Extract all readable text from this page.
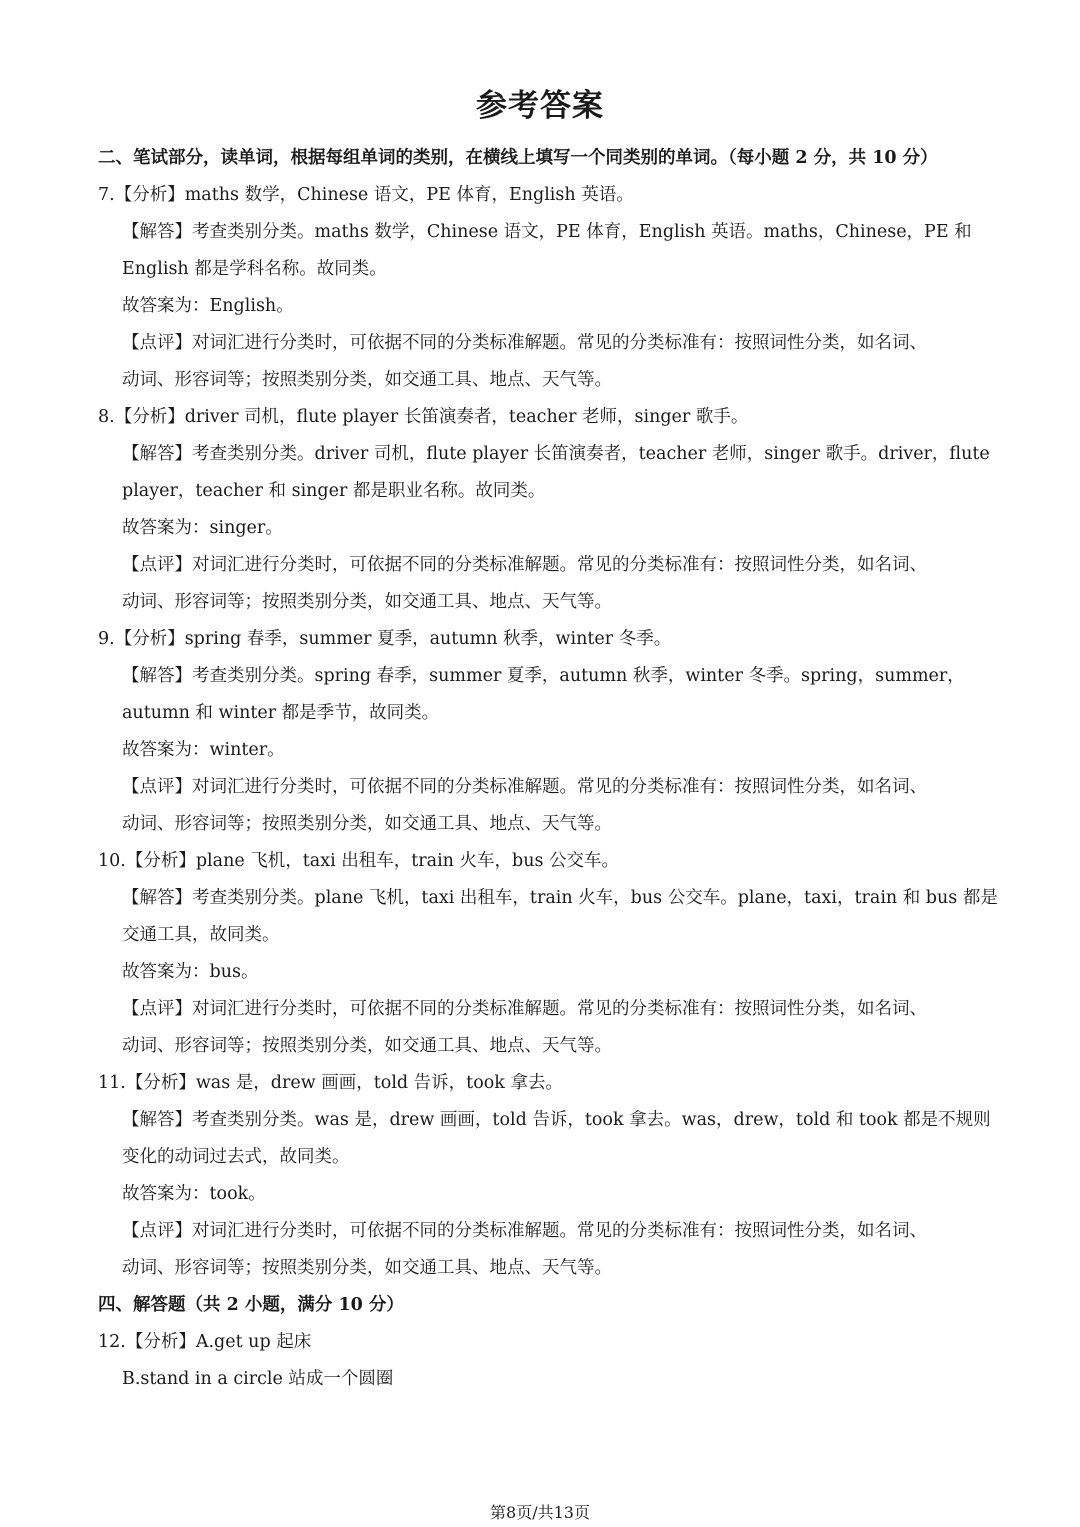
参考答案
二、笔试部分，读单词，根据每组单词的类别，在横线上填写一个同类别的单词。（每小题 2 分，共 10 分）
7.【分析】maths 数学，Chinese 语文，PE 体育，English 英语。
【解答】考查类别分类。maths 数学，Chinese 语文，PE 体育，English 英语。maths，Chinese，PE 和
English 都是学科名称。故同类。
故答案为：English。
【点评】对词汇进行分类时，可依据不同的分类标准解题。常见的分类标准有：按照词性分类，如名词、
动词、形容词等；按照类别分类，如交通工具、地点、天气等。
8.【分析】driver 司机，flute player 长笛演奏者，teacher 老师，singer 歌手。
【解答】考查类别分类。driver 司机，flute player 长笛演奏者，teacher 老师，singer 歌手。driver，flute
player，teacher 和 singer 都是职业名称。故同类。
故答案为：singer。
【点评】对词汇进行分类时，可依据不同的分类标准解题。常见的分类标准有：按照词性分类，如名词、
动词、形容词等；按照类别分类，如交通工具、地点、天气等。
9.【分析】spring 春季，summer 夏季，autumn 秋季，winter 冬季。
【解答】考查类别分类。spring 春季，summer 夏季，autumn 秋季，winter 冬季。spring，summer，
autumn 和 winter 都是季节，故同类。
故答案为：winter。
【点评】对词汇进行分类时，可依据不同的分类标准解题。常见的分类标准有：按照词性分类，如名词、
动词、形容词等；按照类别分类，如交通工具、地点、天气等。
10.【分析】plane 飞机，taxi 出租车，train 火车，bus 公交车。
【解答】考查类别分类。plane 飞机，taxi 出租车，train 火车，bus 公交车。plane，taxi，train 和 bus 都是
交通工具，故同类。
故答案为：bus。
【点评】对词汇进行分类时，可依据不同的分类标准解题。常见的分类标准有：按照词性分类，如名词、
动词、形容词等；按照类别分类，如交通工具、地点、天气等。
11.【分析】was 是，drew 画画，told 告诉，took 拿去。
【解答】考查类别分类。was 是，drew 画画，told 告诉，took 拿去。was，drew，told 和 took 都是不规则
变化的动词过去式，故同类。
故答案为：took。
【点评】对词汇进行分类时，可依据不同的分类标准解题。常见的分类标准有：按照词性分类，如名词、
动词、形容词等；按照类别分类，如交通工具、地点、天气等。
四、解答题（共 2 小题，满分 10 分）
12.【分析】A.get up 起床
B.stand in a circle 站成一个圆圈
第8页/共13页
